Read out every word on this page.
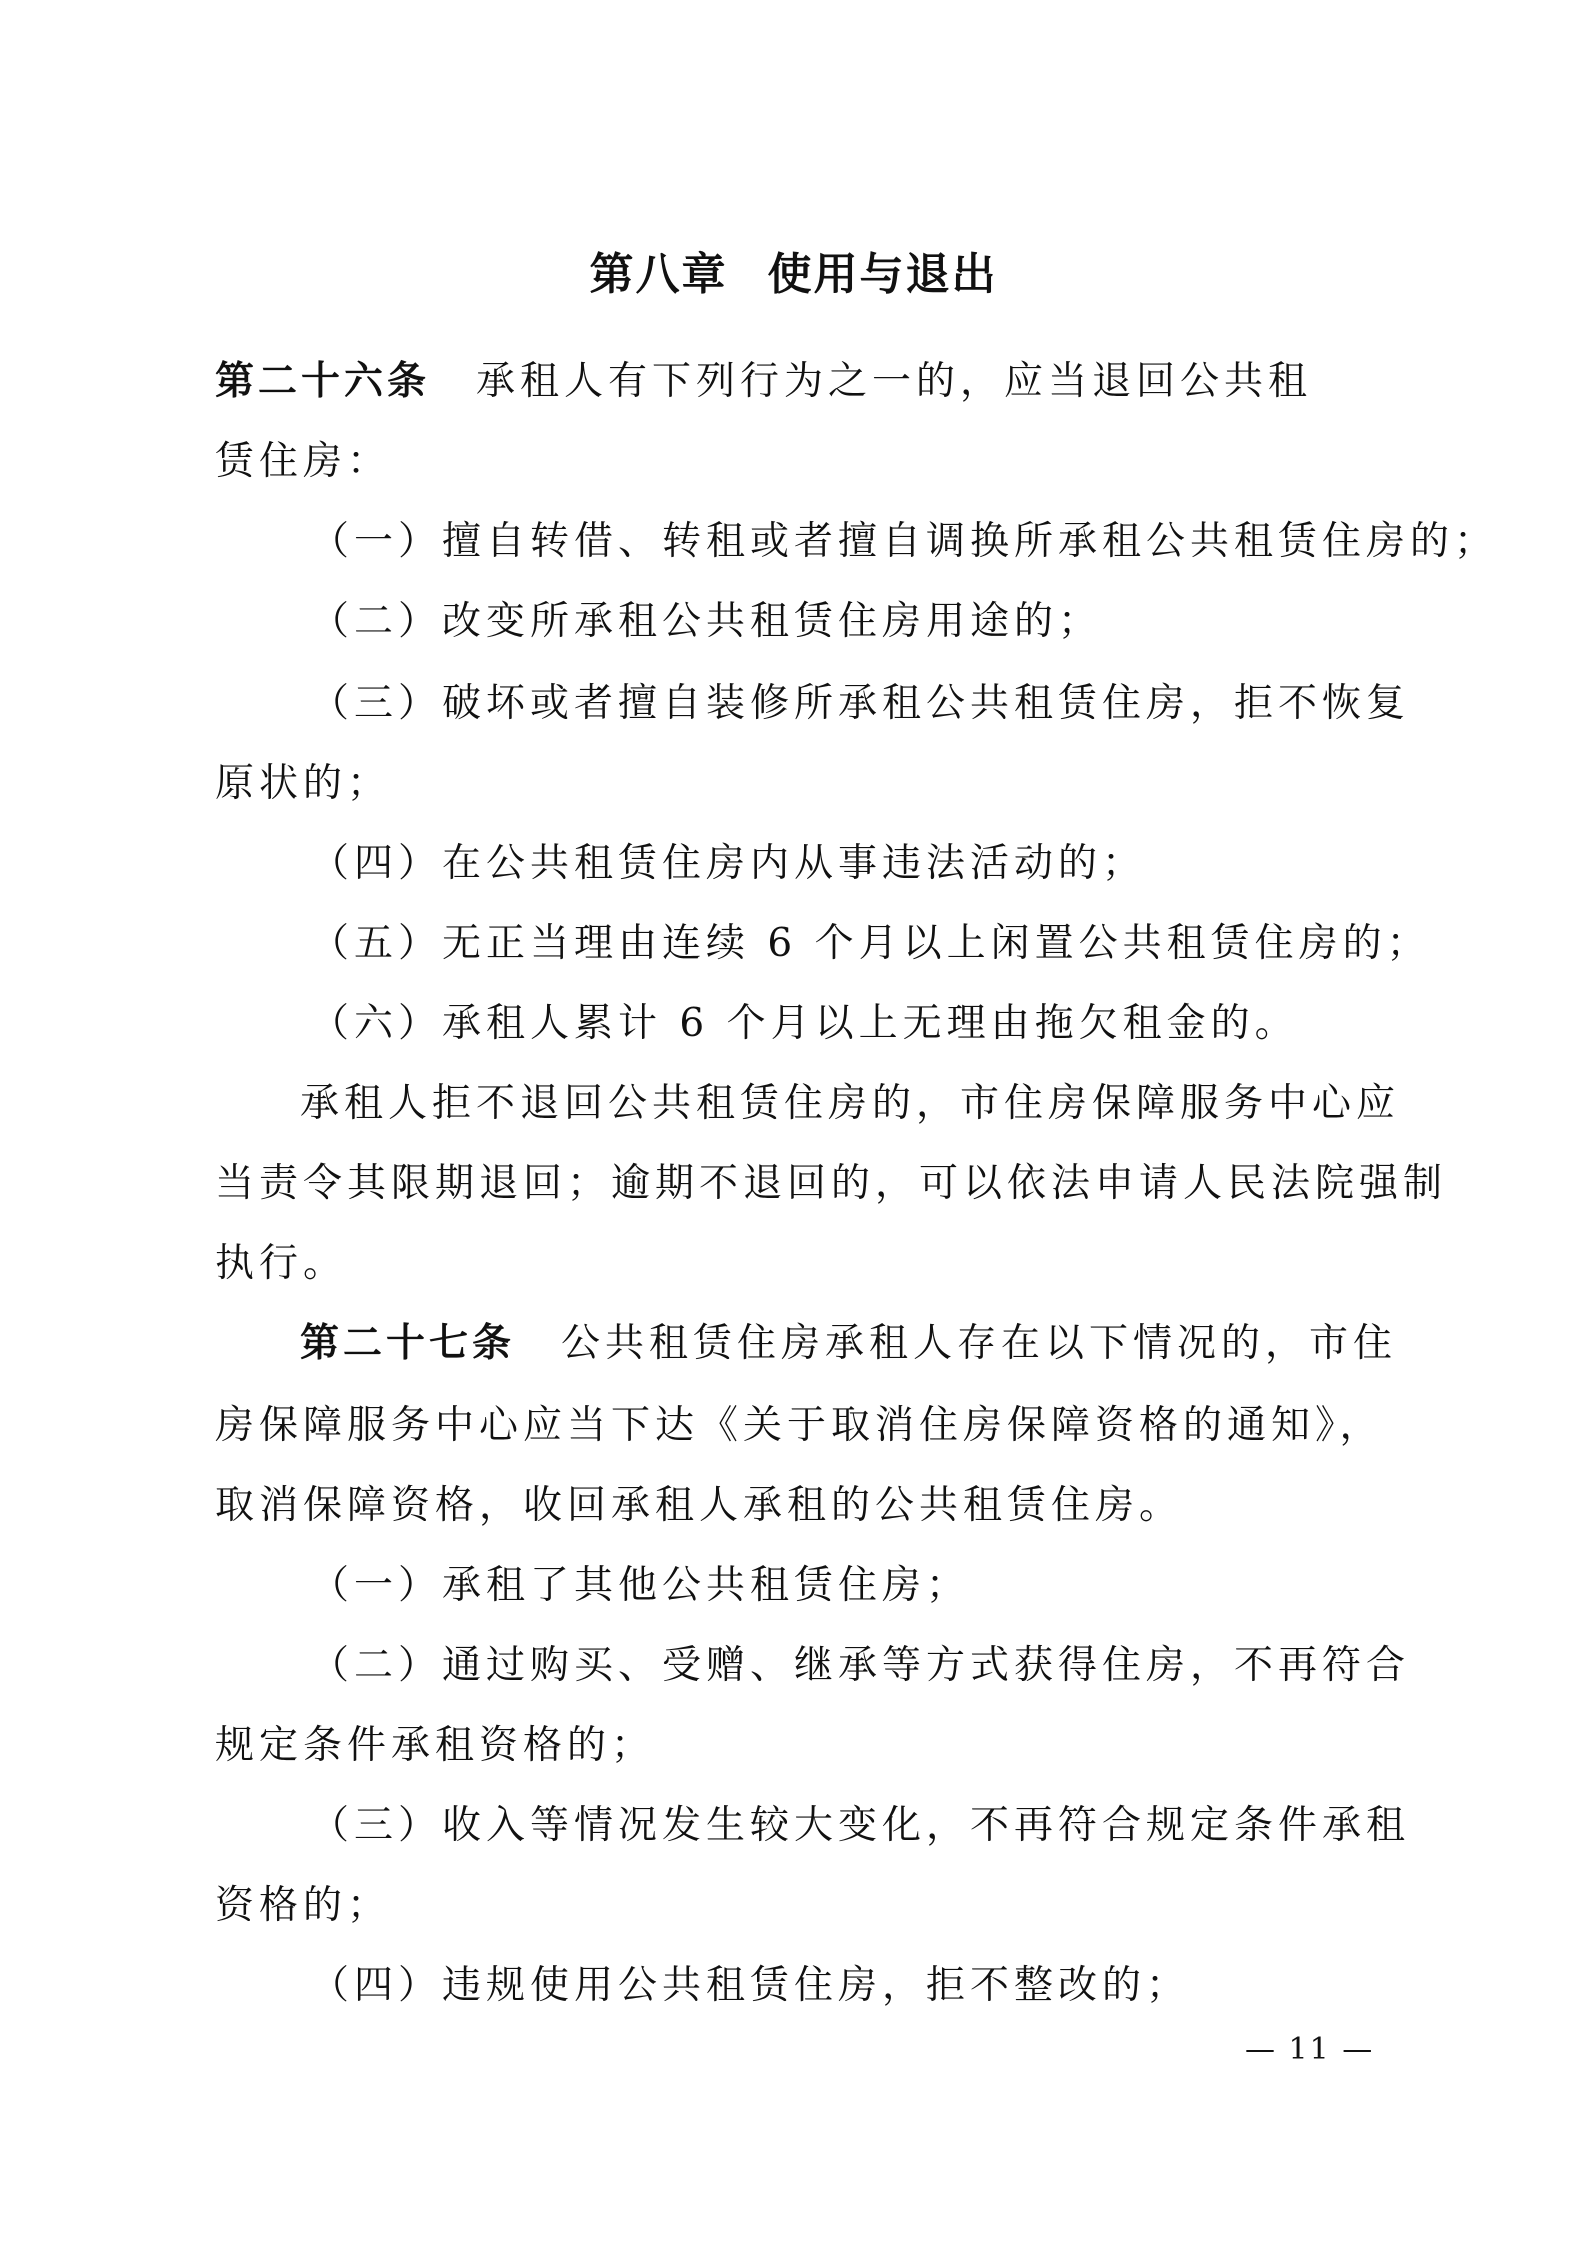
第八章 使用与退出
第二十六条 承租人有下列行为之一的，应当退回公共租
赁住房：
（一）擅自转借、转租或者擅自调换所承租公共租赁住房的；
（二）改变所承租公共租赁住房用途的；
（三）破坏或者擅自装修所承租公共租赁住房，拒不恢复
原状的；
（四）在公共租赁住房内从事违法活动的；
（五）无正当理由连续 6 个月以上闲置公共租赁住房的；
（六）承租人累计 6 个月以上无理由拖欠租金的。
承租人拒不退回公共租赁住房的，市住房保障服务中心应
当责令其限期退回；逾期不退回的，可以依法申请人民法院强制
执行。
第二十七条 公共租赁住房承租人存在以下情况的，市住
房保障服务中心应当下达《关于取消住房保障资格的通知》，
取消保障资格，收回承租人承租的公共租赁住房。
（一）承租了其他公共租赁住房；
（二）通过购买、受赠、继承等方式获得住房，不再符合
规定条件承租资格的；
（三）收入等情况发生较大变化，不再符合规定条件承租
资格的；
（四）违规使用公共租赁住房，拒不整改的；
— 11 —
